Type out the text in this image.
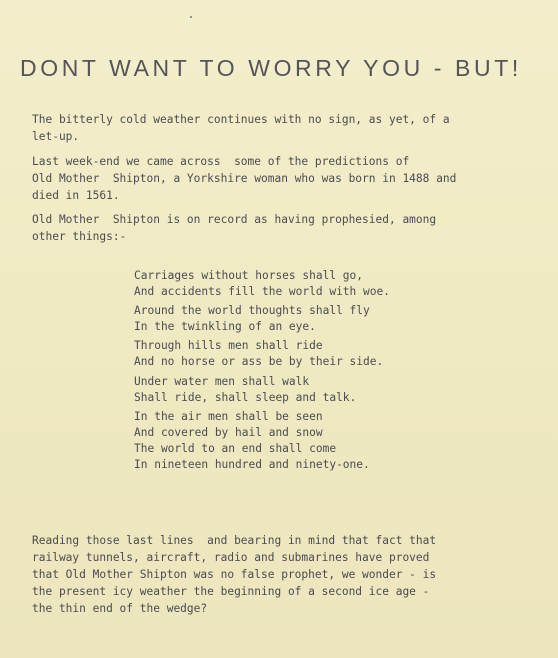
DONT WANT TO WORRY YOU - BUT!

The bitterly cold weather continues with no sign, as yet, of a
let-up.

Last week-end we came across  some of the predictions of
Old Mother  Shipton, a Yorkshire woman who was born in 1488 and
died in 1561.

Old Mother  Shipton is on record as having prophesied, among
other things:-

Carriages without horses shall go,
And accidents fill the world with woe.

Around the world thoughts shall fly
In the twinkling of an eye.

Through hills men shall ride
And no horse or ass be by their side.

Under water men shall walk
Shall ride, shall sleep and talk.

In the air men shall be seen
And covered by hail and snow
The world to an end shall come
In nineteen hundred and ninety-one.

Reading those last lines  and bearing in mind that fact that
railway tunnels, aircraft, radio and submarines have proved
that Old Mother Shipton was no false prophet, we wonder - is
the present icy weather the beginning of a second ice age -
the thin end of the wedge?
